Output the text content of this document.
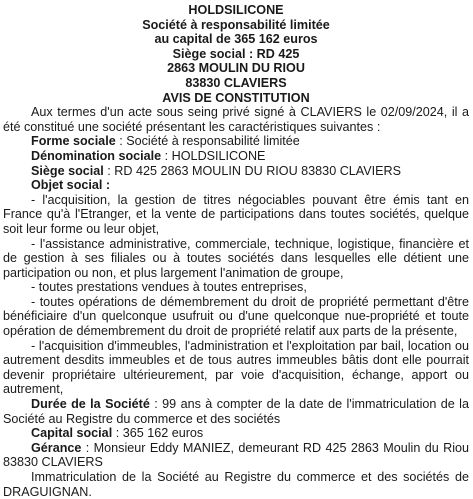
HOLDSILICONE
Société à responsabilité limitée
au capital de 365 162 euros
Siège social : RD 425
2863 MOULIN DU RIOU
83830 CLAVIERS
AVIS DE CONSTITUTION

Aux termes d'un acte sous seing privé signé à CLAVIERS le 02/09/2024, il a été constitué une société présentant les caractéristiques suivantes :

Forme sociale : Société à responsabilité limitée

Dénomination sociale : HOLDSILICONE

Siège social : RD 425 2863 MOULIN DU RIOU 83830 CLAVIERS

Objet social :

- l'acquisition, la gestion de titres négociables pouvant être émis tant en France qu'à l'Etranger, et la vente de participations dans toutes sociétés, quelque soit leur forme ou leur objet,

- l'assistance administrative, commerciale, technique, logistique, financière et de gestion à ses filiales ou à toutes sociétés dans lesquelles elle détient une participation ou non, et plus largement l'animation de groupe,

- toutes prestations vendues à toutes entreprises,

- toutes opérations de démembrement du droit de propriété permettant d'être bénéficiaire d'un quelconque usufruit ou d'une quelconque nue-propriété et toute opération de démembrement du droit de propriété relatif aux parts de la présente,

- l'acquisition d'immeubles, l'administration et l'exploitation par bail, location ou autrement desdits immeubles et de tous autres immeubles bâtis dont elle pourrait devenir propriétaire ultérieurement, par voie d'acquisition, échange, apport ou autrement,

Durée de la Société : 99 ans à compter de la date de l'immatriculation de la Société au Registre du commerce et des sociétés

Capital social : 365 162 euros

Gérance : Monsieur Eddy MANIEZ, demeurant RD 425 2863 Moulin du Riou 83830 CLAVIERS

Immatriculation de la Société au Registre du commerce et des sociétés de DRAGUIGNAN.
